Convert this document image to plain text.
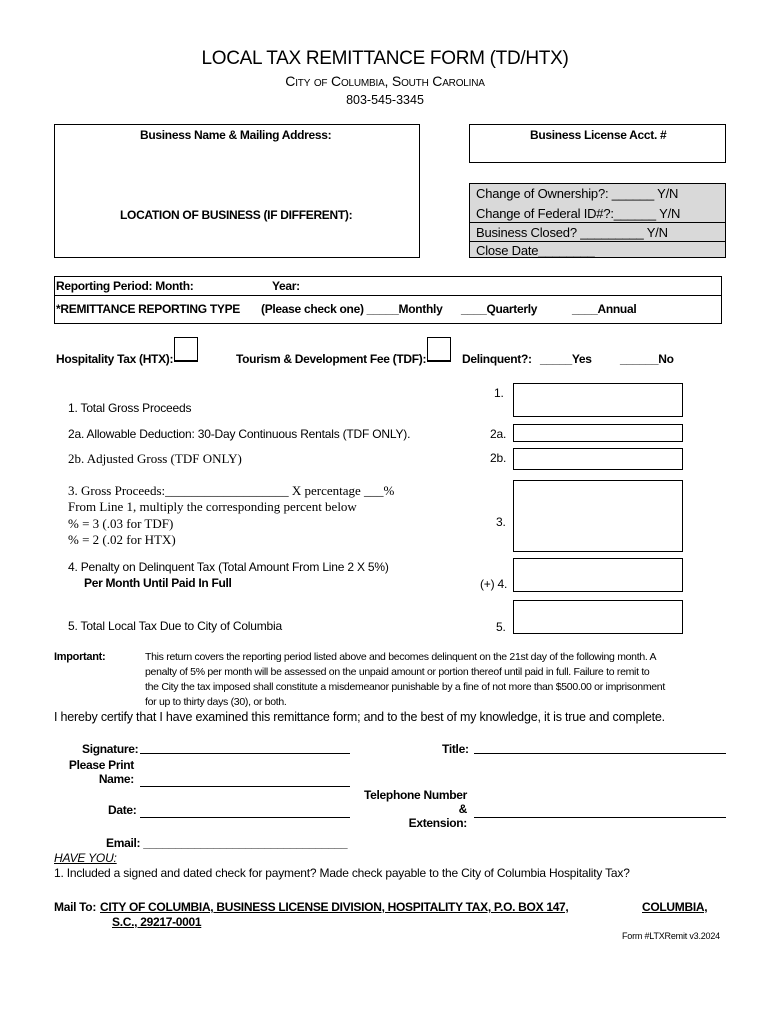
LOCAL TAX REMITTANCE FORM (TD/HTX)
City of Columbia, South Carolina
803-545-3345
Business Name & Mailing Address:
LOCATION OF BUSINESS (IF DIFFERENT):
Business License Acct. #
Change of Ownership?: ______ Y/N
Change of Federal ID#?:______ Y/N
Business Closed? _________ Y/N
Close Date________
Reporting Period: Month:	Year:
*REMITTANCE REPORTING TYPE (Please check one) _____Monthly ____Quarterly	____Annual
Hospitality Tax (HTX):	Tourism & Development Fee (TDF):	Delinquent?: _____Yes ______No
1.
1. Total Gross Proceeds
2a. Allowable Deduction: 30-Day Continuous Rentals (TDF ONLY).	2a.
2b. Adjusted Gross (TDF ONLY)	2b.
3. Gross Proceeds:___________________ X percentage ___%
From Line 1, multiply the corresponding percent below
% = 3 (.03 for TDF)
% = 2 (.02 for HTX)
3.
4. Penalty on Delinquent Tax (Total Amount From Line 2 X 5%)
Per Month Until Paid In Full	(+) 4.
5. Total Local Tax Due to City of Columbia	5.
Important:	This return covers the reporting period listed above and becomes delinquent on the 21st day of the following month. A
penalty of 5% per month will be assessed on the unpaid amount or portion thereof until paid in full. Failure to remit to
the City the tax imposed shall constitute a misdemeanor punishable by a fine of not more than $500.00 or imprisonment
for up to thirty days (30), or both.
I hereby certify that I have examined this remittance form; and to the best of my knowledge, it is true and complete.
Signature:	Title:
Please Print
Name:
Telephone Number &
Extension:
Date:
Email: ________________________________
HAVE YOU:
1. Included a signed and dated check for payment? Made check payable to the City of Columbia Hospitality Tax?
Mail To: CITY OF COLUMBIA, BUSINESS LICENSE DIVISION, HOSPITALITY TAX, P.O. BOX 147,	COLUMBIA,
S.C., 29217-0001
Form #LTXRemit v3.2024
